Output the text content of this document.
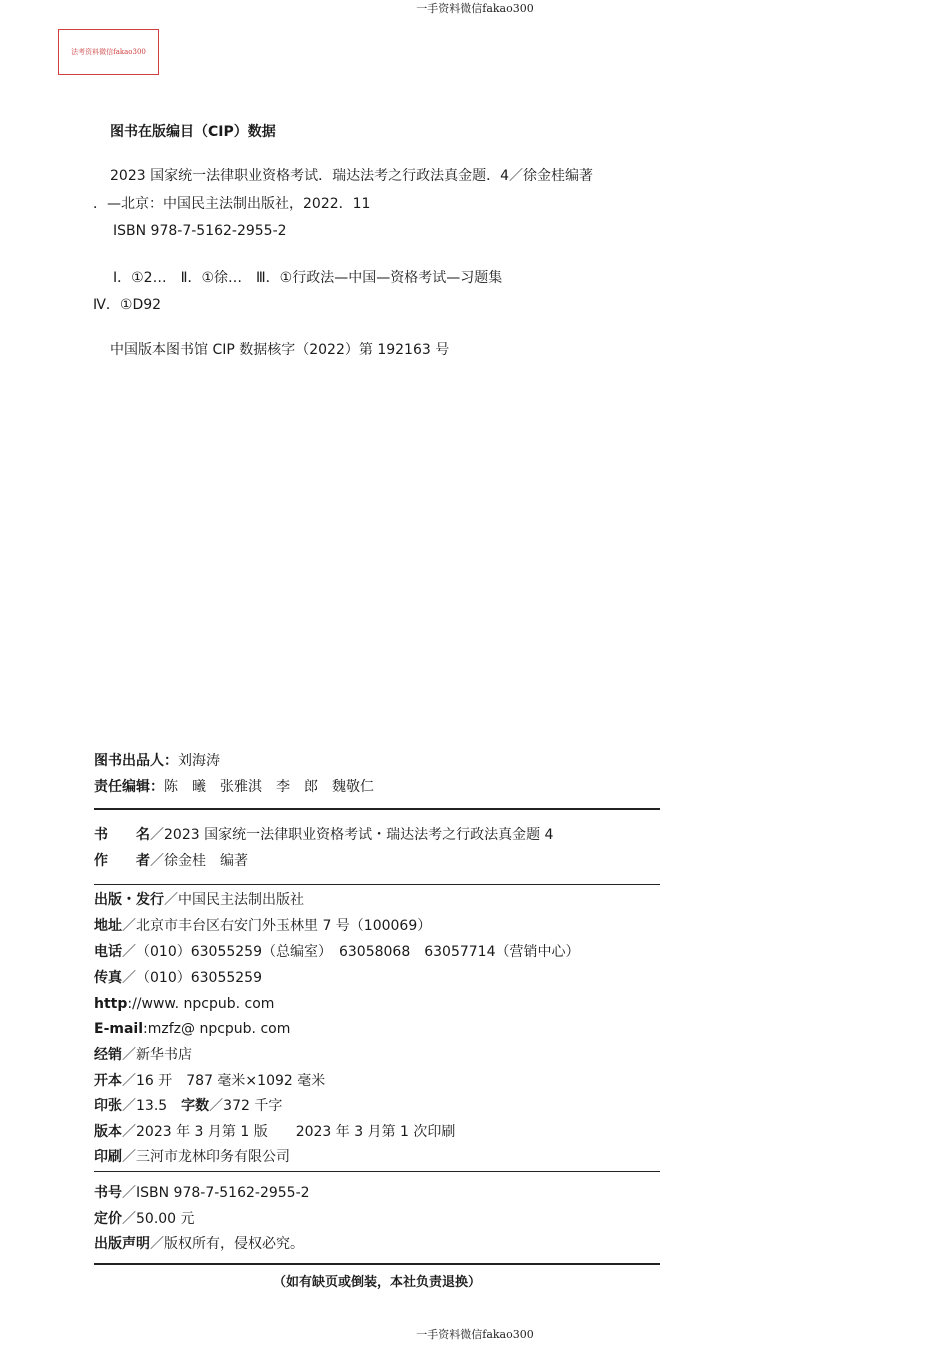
一手资料微信fakao300
法考资料微信fakao300
图书在版编目（CIP）数据
2023 国家统一法律职业资格考试．瑞达法考之行政法真金题．4／徐金桂编著
．—北京：中国民主法制出版社，2022．11
ISBN 978-7-5162-2955-2
Ⅰ．①2…　Ⅱ．①徐…　Ⅲ．①行政法—中国—资格考试—习题集
Ⅳ．①D92
中国版本图书馆 CIP 数据核字（2022）第 192163 号
图书出品人：刘海涛
责任编辑：陈　曦　张雅淇　李　郎　魏敬仁
书　　名／2023 国家统一法律职业资格考试・瑞达法考之行政法真金题 4
作　　者／徐金桂　编著
出版・发行／中国民主法制出版社
地址／北京市丰台区右安门外玉林里 7 号（100069）
电话／（010）63055259（总编室）　63058068　63057714（营销中心）
传真／（010）63055259
http://www. npcpub. com
E-mail:mzfz@ npcpub. com
经销／新华书店
开本／16 开　787 毫米×1092 毫米
印张／13.5　字数／372 千字
版本／2023 年 3 月第 1 版　　2023 年 3 月第 1 次印刷
印刷／三河市龙林印务有限公司
书号／ISBN 978-7-5162-2955-2
定价／50.00 元
出版声明／版权所有，侵权必究。
（如有缺页或倒装，本社负责退换）
一手资料微信fakao300
